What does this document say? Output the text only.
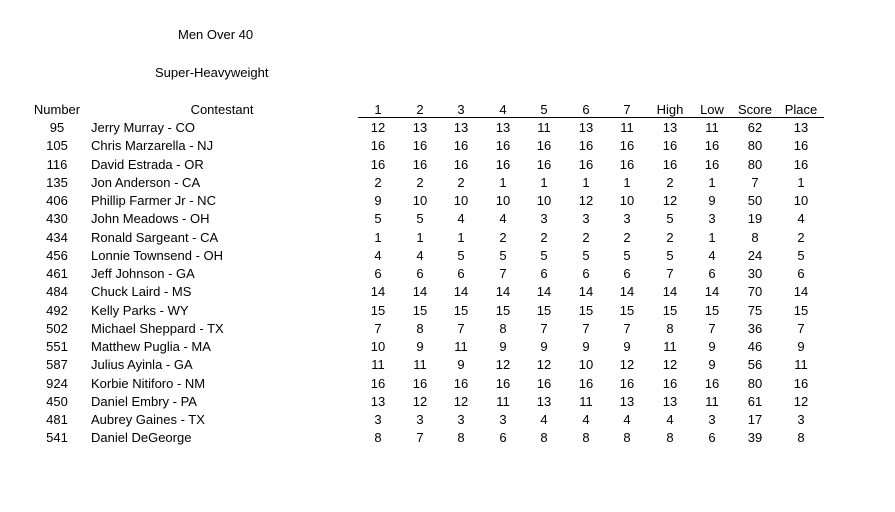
Men Over 40
Super-Heavyweight
Number	Contestant	1	2	3	4	5	6	7	High	Low	Score Place
95	Jerry Murray - CO	12	13	13	13	11	13	11	13	11	62	13
105	Chris Marzarella - NJ	16	16	16	16	16	16	16	16	16	80	16
116	David Estrada - OR	16	16	16	16	16	16	16	16	16	80	16
135	Jon Anderson - CA	2	2	2	1	1	1	1	2	1	7	1
406	Phillip Farmer Jr - NC	9	10	10	10	10	12	10	12	9	50	10
430	John Meadows - OH	5	5	4	4	3	3	3	5	3	19	4
434	Ronald Sargeant - CA	1	1	1	2	2	2	2	2	1	8	2
456	Lonnie Townsend - OH	4	4	5	5	5	5	5	5	4	24	5
461	Jeff Johnson - GA	6	6	6	7	6	6	6	7	6	30	6
484	Chuck Laird - MS	14	14	14	14	14	14	14	14	14	70	14
492	Kelly Parks - WY	15	15	15	15	15	15	15	15	15	75	15
502	Michael Sheppard - TX	7	8	7	8	7	7	7	8	7	36	7
551	Matthew Puglia - MA	10	9	11	9	9	9	9	11	9	46	9
587	Julius Ayinla - GA	11	11	9	12	12	10	12	12	9	56	11
924	Korbie Nitiforo - NM	16	16	16	16	16	16	16	16	16	80	16
450	Daniel Embry - PA	13	12	12	11	13	11	13	13	11	61	12
481	Aubrey Gaines - TX	3	3	3	3	4	4	4	4	3	17	3
541	Daniel DeGeorge	8	7	8	6	8	8	8	8	6	39	8
